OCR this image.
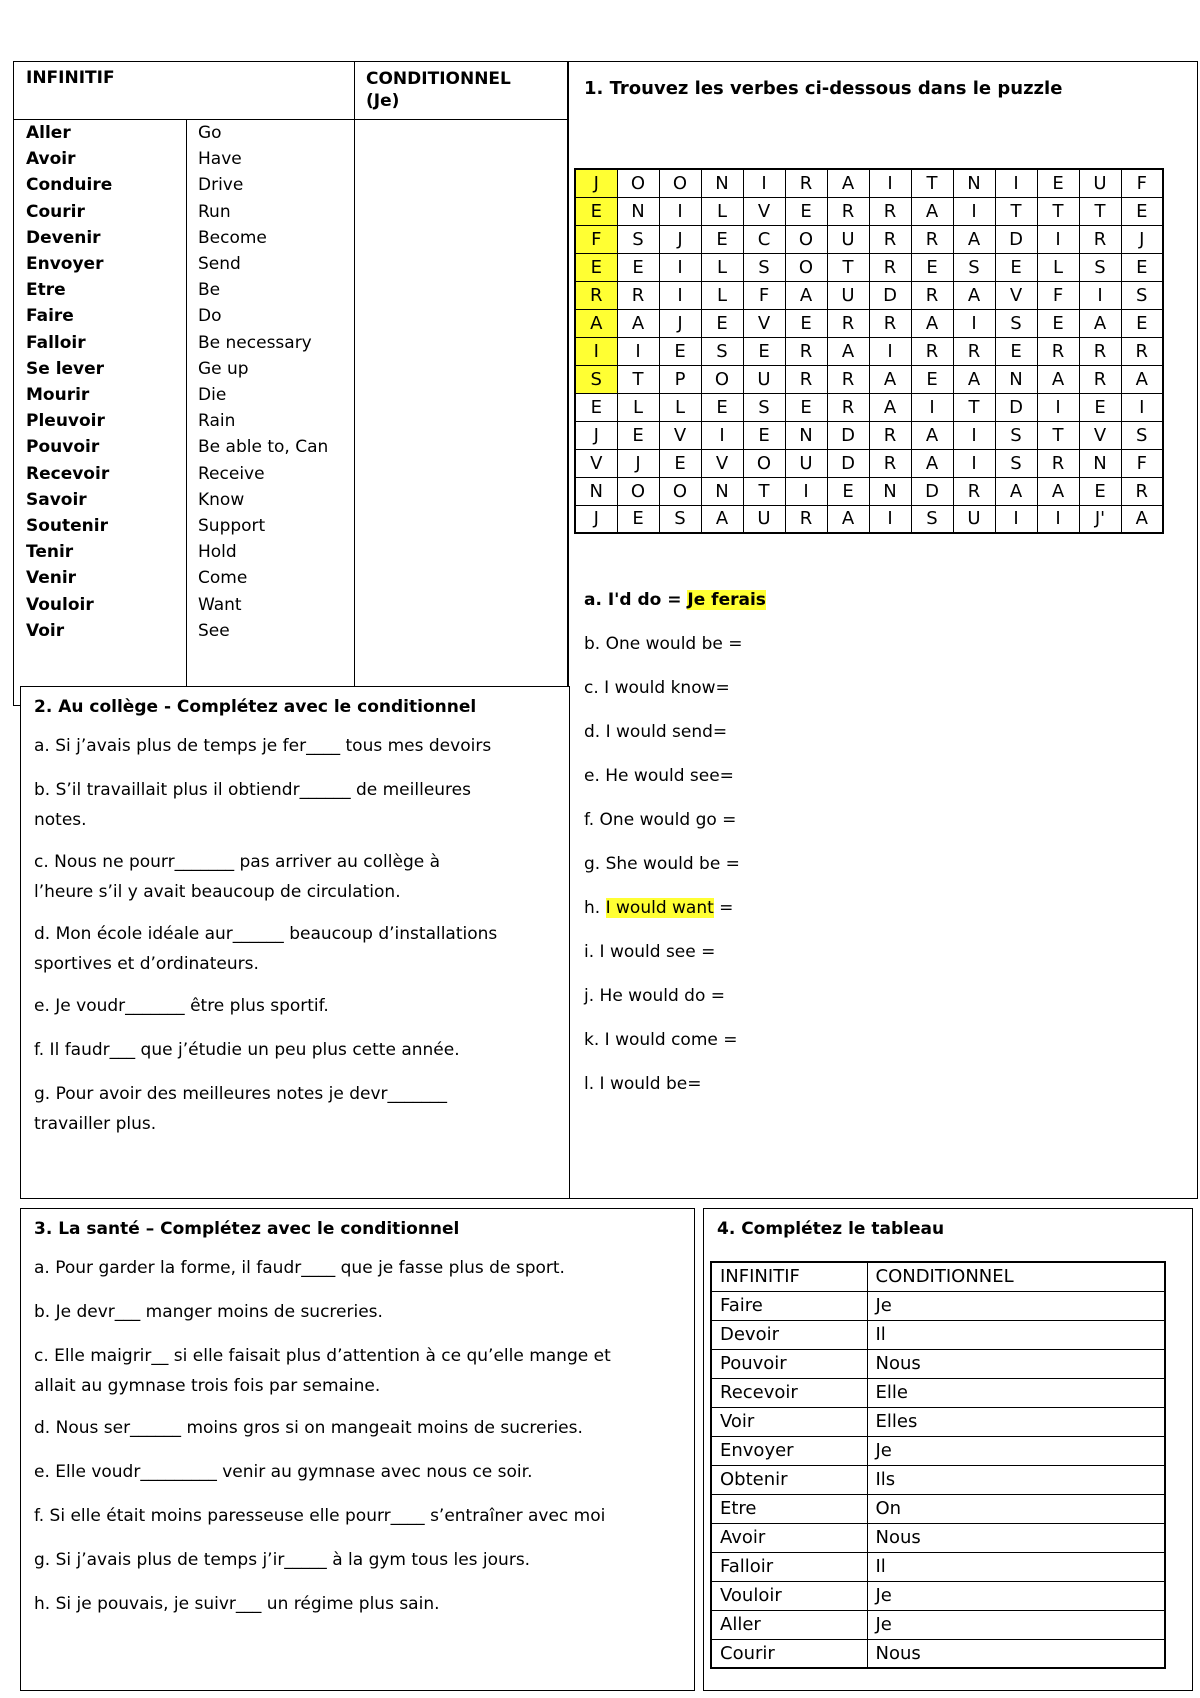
INFINITIF	CONDITIONNEL
(Je)
Aller	Go
Avoir	Have
Conduire	Drive
Courir	Run
Devenir	Become
Envoyer	Send
Etre	Be
Faire	Do
Falloir	Be necessary
Se lever	Ge up
Mourir	Die
Pleuvoir	Rain
Pouvoir	Be able to, Can
Recevoir	Receive
Savoir	Know
Soutenir	Support
Tenir	Hold
Venir	Come
Vouloir	Want
Voir	See
1. Trouvez les verbes ci-dessous dans le puzzle
J	O	O	N	I	R	A	I	T	N	I	E	U	F
E	N	I	L	V	E	R	R	A	I	T	T	T	E
F	S	J	E	C	O	U	R	R	A	D	I	R	J
E	E	I	L	S	O	T	R	E	S	E	L	S	E
R	R	I	L	F	A	U	D	R	A	V	F	I	S
A	A	J	E	V	E	R	R	A	I	S	E	A	E
I	I	E	S	E	R	A	I	R	R	E	R	R	R
S	T	P	O	U	R	R	A	E	A	N	A	R	A
E	L	L	E	S	E	R	A	I	T	D	I	E	I
J	E	V	I	E	N	D	R	A	I	S	T	V	S
V	J	E	V	O	U	D	R	A	I	S	R	N	F
N	O	O	N	T	I	E	N	D	R	A	A	E	R
J	E	S	A	U	R	A	I	S	U	I	I	J'	A
a. I'd do = Je ferais
b. One would be =
c. I would know=
d. I would send=
e. He would see=
f. One would go =
g. She would be =
h. I would want =
i. I would see =
j. He would do =
k. I would come =
l. I would be=
2. Au collège - Complétez avec le conditionnel
a. Si j’avais plus de temps je fer____ tous mes devoirs
b. S’il travaillait plus il obtiendr______ de meilleures
notes.
c. Nous ne pourr_______ pas arriver au collège à
l’heure s’il y avait beaucoup de circulation.
d. Mon école idéale aur______ beaucoup d’installations
sportives et d’ordinateurs.
e. Je voudr_______ être plus sportif.
f. Il faudr___ que j’étudie un peu plus cette année.
g. Pour avoir des meilleures notes je devr_______
travailler plus.
3. La santé – Complétez avec le conditionnel
a. Pour garder la forme, il faudr____ que je fasse plus de sport.
b. Je devr___ manger moins de sucreries.
c. Elle maigrir__ si elle faisait plus d’attention à ce qu’elle mange et
allait au gymnase trois fois par semaine.
d. Nous ser______ moins gros si on mangeait moins de sucreries.
e. Elle voudr_________ venir au gymnase avec nous ce soir.
f. Si elle était moins paresseuse elle pourr____ s’entraîner avec moi
g. Si j’avais plus de temps j’ir_____ à la gym tous les jours.
h. Si je pouvais, je suivr___ un régime plus sain.
4. Complétez le tableau
INFINITIF	CONDITIONNEL
Faire	Je
Devoir	Il
Pouvoir	Nous
Recevoir	Elle
Voir	Elles
Envoyer	Je
Obtenir	Ils
Etre	On
Avoir	Nous
Falloir	Il
Vouloir	Je
Aller	Je
Courir	Nous
